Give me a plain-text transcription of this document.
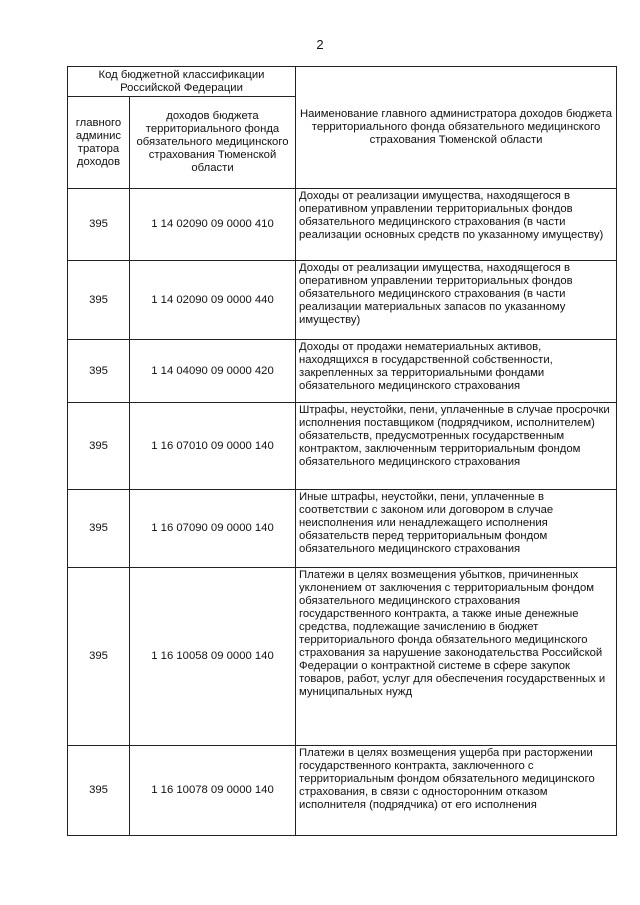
2
Код бюджетной классификации Российской Федерации		Наименование главного администратора доходов бюджета территориального фонда обязательного медицинского страхования Тюменской области
главного админис тратора доходов	доходов бюджета территориального фонда обязательного медицинского страхования Тюменской области	
395	1 14 02090 09 0000 410	Доходы от реализации имущества, находящегося в оперативном управлении территориальных фондов обязательного медицинского страхования (в части реализации основных средств по указанному имуществу)
395	1 14 02090 09 0000 440	Доходы от реализации имущества, находящегося в оперативном управлении территориальных фондов обязательного медицинского страхования (в части реализации материальных запасов по указанному имуществу)
395	1 14 04090 09 0000 420	Доходы от продажи нематериальных активов, находящихся в государственной собственности, закрепленных за территориальными фондами обязательного медицинского страхования
395	1 16 07010 09 0000 140	Штрафы, неустойки, пени, уплаченные в случае просрочки исполнения поставщиком (подрядчиком, исполнителем) обязательств, предусмотренных государственным контрактом, заключенным территориальным фондом обязательного медицинского страхования
395	1 16 07090 09 0000 140	Иные штрафы, неустойки, пени, уплаченные в соответствии с законом или договором в случае неисполнения или ненадлежащего исполнения обязательств перед территориальным фондом обязательного медицинского страхования
395	1 16 10058 09 0000 140	Платежи в целях возмещения убытков, причиненных уклонением от заключения с территориальным фондом обязательного медицинского страхования государственного контракта, а также иные денежные средства, подлежащие зачислению в бюджет территориального фонда обязательного медицинского страхования за нарушение законодательства Российской Федерации о контрактной системе в сфере закупок товаров, работ, услуг для обеспечения государственных и муниципальных нужд
395	1 16 10078 09 0000 140	Платежи в целях возмещения ущерба при расторжении государственного контракта, заключенного с территориальным фондом обязательного медицинского страхования, в связи с односторонним отказом исполнителя (подрядчика) от его исполнения
